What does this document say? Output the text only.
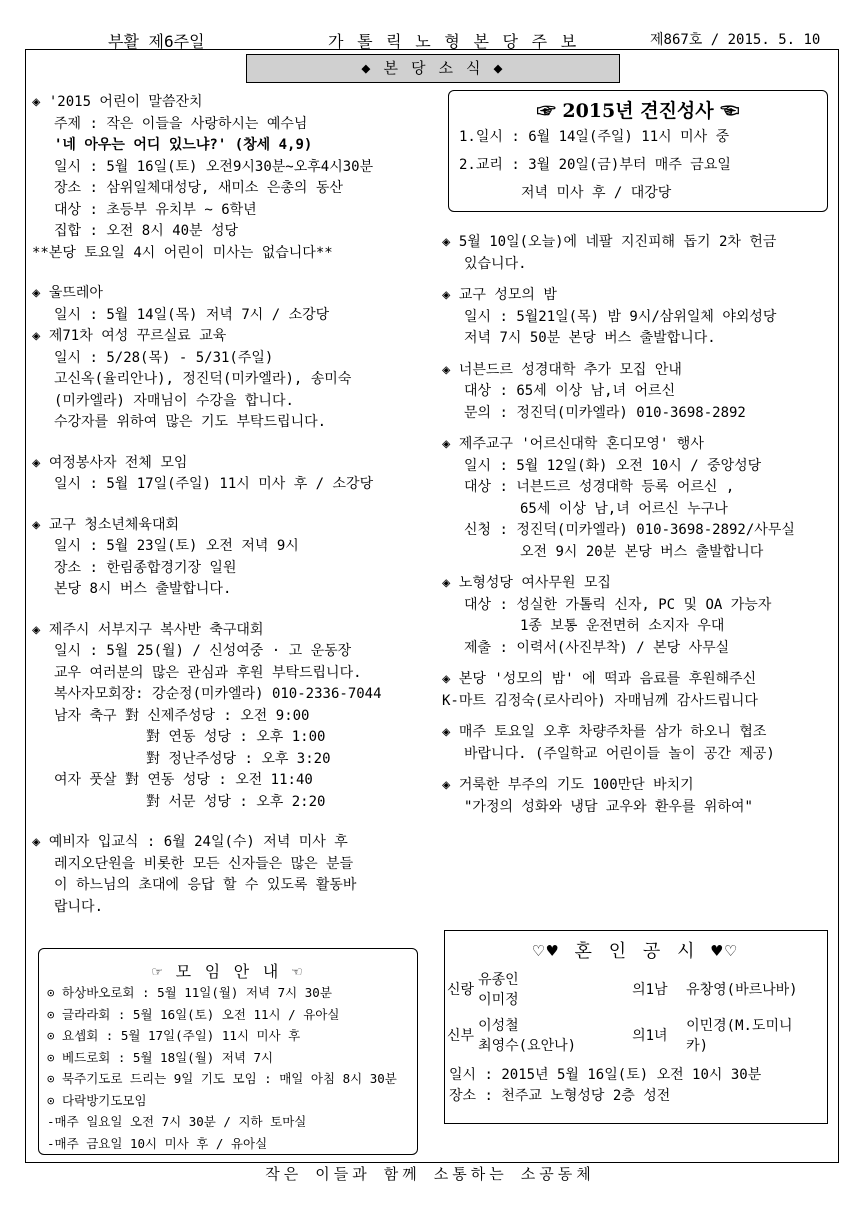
부활 제6주일	가 톨 릭 노 형 본 당 주 보	제867호 / 2015. 5. 10
◆ 본 당 소 식 ◆
◈ '2015 어린이 말씀잔치
주제 : 작은 이들을 사랑하시는 예수님
'네 아우는 어디 있느냐?' (창세 4,9)
일시 : 5월 16일(토) 오전9시30분~오후4시30분
장소 : 삼위일체대성당, 새미소 은총의 동산
대상 : 초등부 유치부 ~ 6학년
집합 : 오전 8시 40분 성당
**본당 토요일 4시 어린이 미사는 없습니다**
◈ 울뜨레아
일시 : 5월 14일(목) 저녁 7시 / 소강당
◈ 제71차 여성 꾸르실료 교육
일시 : 5/28(목) - 5/31(주일)
고신옥(율리안나), 정진덕(미카엘라), 송미숙
(미카엘라) 자매님이 수강을 합니다.
수강자를 위하여 많은 기도 부탁드립니다.
◈ 여정봉사자 전체 모임
일시 : 5월 17일(주일) 11시 미사 후 / 소강당
◈ 교구 청소년체육대회
일시 : 5월 23일(토) 오전 저녁 9시
장소 : 한림종합경기장 일원
본당 8시 버스 출발합니다.
◈ 제주시 서부지구 복사반 축구대회
일시 : 5월 25(월) / 신성여중 · 고 운동장
교우 여러분의 많은 관심과 후원 부탁드립니다.
복사자모회장: 강순정(미카엘라) 010-2336-7044
남자 축구 對 신제주성당 : 오전 9:00
對 연동 성당 : 오후 1:00
對 정난주성당 : 오후 3:20
여자 풋살 對 연동 성당 : 오전 11:40
對 서문 성당 : 오후 2:20
◈ 예비자 입교식 : 6월 24일(수) 저녁 미사 후
레지오단원을 비롯한 모든 신자들은 많은 분들
이 하느님의 초대에 응답 할 수 있도록 활동바
랍니다.
☞ 2015년 견진성사 ☜
1.일시 : 6월 14일(주일) 11시 미사 중
2.교리 : 3월 20일(금)부터 매주 금요일
저녁 미사 후 / 대강당
◈ 5월 10일(오늘)에 네팔 지진피해 돕기 2차 헌금
있습니다.
◈ 교구 성모의 밤
일시 : 5월21일(목) 밤 9시/삼위일체 야외성당
저녁 7시 50분 본당 버스 출발합니다.
◈ 너븐드르 성경대학 추가 모집 안내
대상 : 65세 이상 남,녀 어르신
문의 : 정진덕(미카엘라) 010-3698-2892
◈ 제주교구 '어르신대학 혼디모영' 행사
일시 : 5월 12일(화) 오전 10시 / 중앙성당
대상 : 너븐드르 성경대학 등록 어르신 ,
65세 이상 남,녀 어르신 누구나
신청 : 정진덕(미카엘라) 010-3698-2892/사무실
오전 9시 20분 본당 버스 출발합니다
◈ 노형성당 여사무원 모집
대상 : 성실한 가톨릭 신자, PC 및 OA 가능자
1종 보통 운전면허 소지자 우대
제출 : 이력서(사진부착) / 본당 사무실
◈ 본당 '성모의 밤' 에 떡과 음료를 후원해주신
K-마트 김정숙(로사리아) 자매님께 감사드립니다
◈ 매주 토요일 오후 차량주차를 삼가 하오니 협조
바랍니다. (주일학교 어린이들 놀이 공간 제공)
◈ 거룩한 부주의 기도 100만단 바치기
"가정의 성화와 냉담 교우와 환우를 위하여"
☞ 모 임 안 내 ☜
⊙ 하상바오로회 : 5월 11일(월) 저녁 7시 30분
⊙ 글라라회 : 5월 16일(토) 오전 11시 / 유아실
⊙ 요셉회 : 5월 17일(주일) 11시 미사 후
⊙ 베드로회 : 5월 18일(월) 저녁 7시
⊙ 묵주기도로 드리는 9일 기도 모임 : 매일 아침 8시 30분
⊙ 다락방기도모임
-매주 일요일 오전 7시 30분 / 지하 토마실
-매주 금요일 10시 미사 후 / 유아실
♡♥ 혼 인 공 시 ♥♡
신랑	유종인
이미정	의1남	유창영(바르나바)
신부	이성철
최영수(요안나)	의1녀	이민경(M.도미니
카)
일시 : 2015년 5월 16일(토) 오전 10시 30분
장소 : 천주교 노형성당 2층 성전
작은 이들과 함께 소통하는 소공동체
